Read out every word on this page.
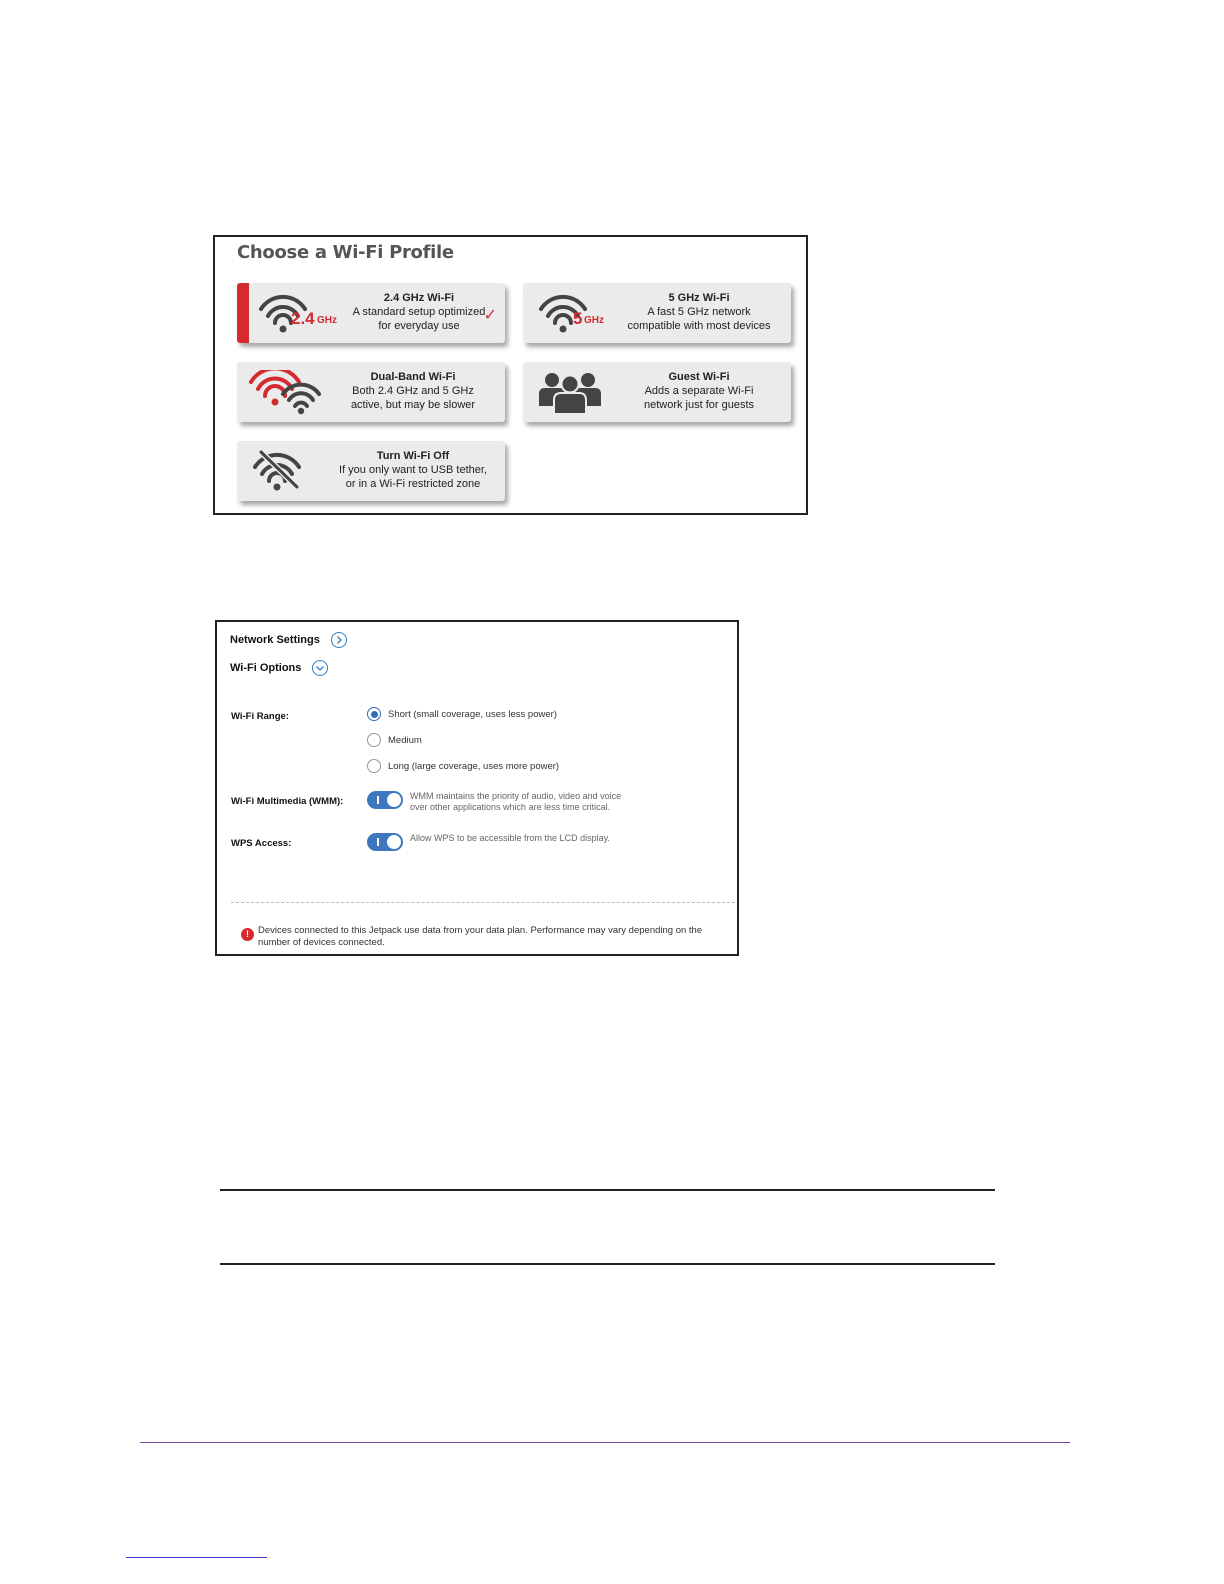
Choose a Wi-Fi Profile
2.4 GHz
2.4 GHz Wi-Fi
A standard setup optimized
for everyday use
✓	5 GHz
5 GHz Wi-Fi
A fast 5 GHz network
compatible with most devices
Dual-Band Wi-Fi
Both 2.4 GHz and 5 GHz
active, but may be slower
Guest Wi-Fi
Adds a separate Wi-Fi
network just for guests
Turn Wi-Fi Off
If you only want to USB tether,
or in a Wi-Fi restricted zone
Network Settings
Wi-Fi Options
Wi-Fi Range:	Short (small coverage, uses less power)
Medium
Long (large coverage, uses more power)
Wi-Fi Multimedia (WMM):	WMM maintains the priority of audio, video and voice over other applications which are less time critical.
WPS Access:	Allow WPS to be accessible from the LCD display.
! Devices connected to this Jetpack use data from your data plan. Performance may vary depending on the number of devices connected.
